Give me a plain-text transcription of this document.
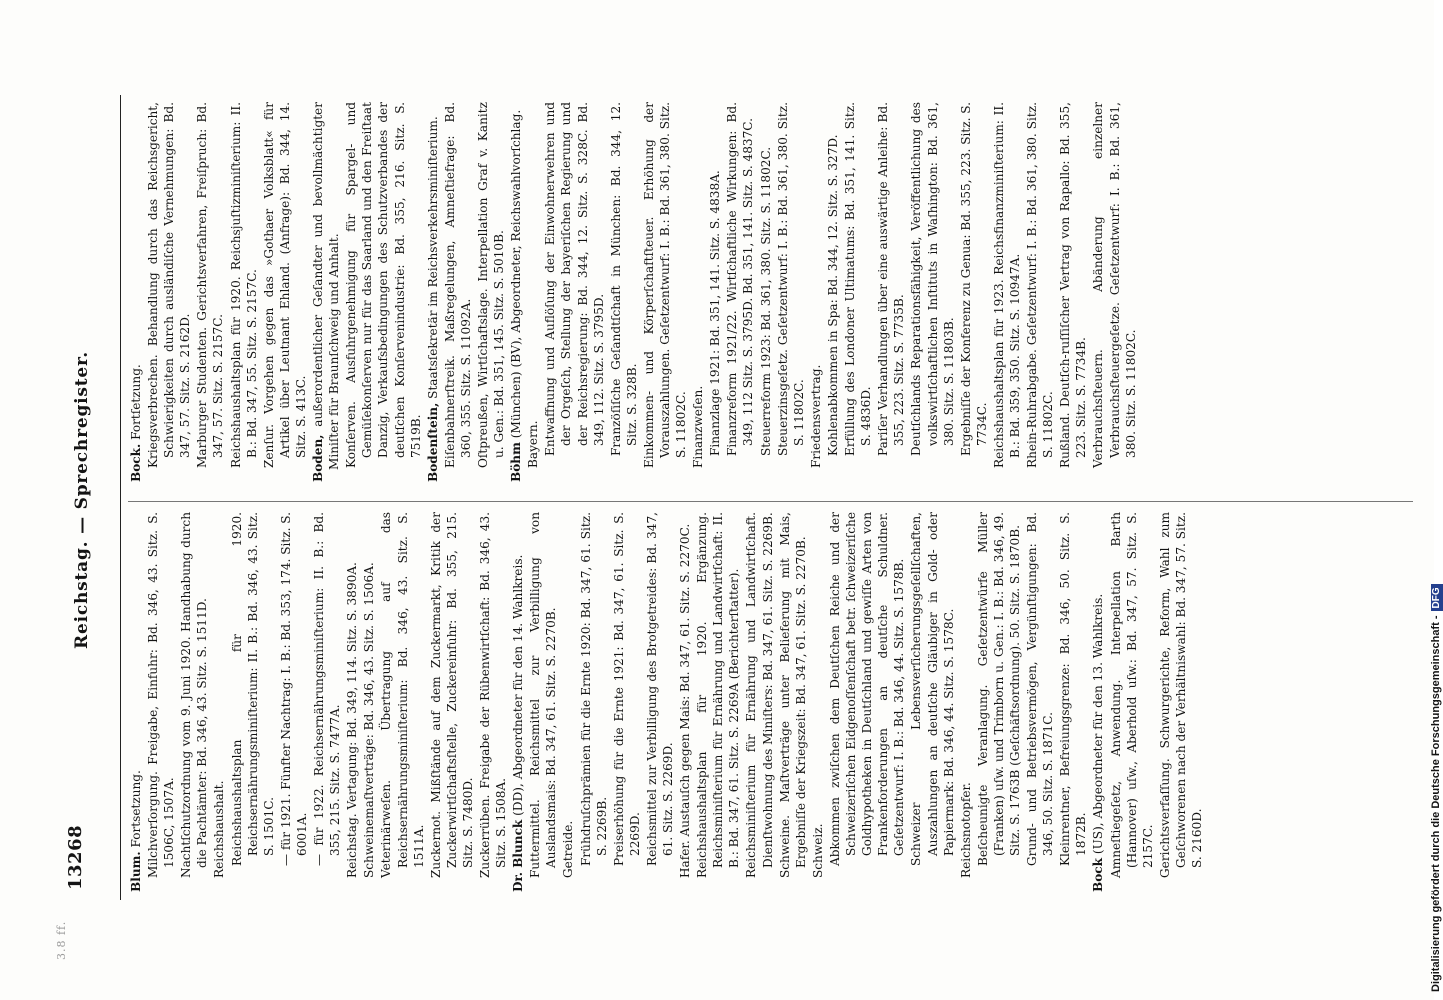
3.8 ff.
13268
Reichstag. — Sprechregister.
Blum. Fortsetzung. Milchverſorgung. Freigabe, Einfuhr: Bd. 346, 43. Sitz. S. 1506C, 1507A. Nachtſchutzordnung vom 9. Juni 1920. Handhabung durch die Pachtämter: Bd. 346, 43. Sitz. S. 1511D. Reichshaushalt. Reichshaushaltsplan für 1920. Reichsernährungsminiſterium: II. B.: Bd. 346, 43. Sitz. S. 1501C. — für 1921. Fünfter Nachtrag: I. B.: Bd. 353, 174. Sitz. S. 6001A. — für 1922. Reichsernährungsminiſterium: II. B.: Bd. 355, 215. Sitz. S. 7477A. Reichstag. Vertagung: Bd. 349, 114. Sitz. S. 3890A. Schweinemaſtverträge: Bd. 346, 43. Sitz. S. 1506A. Veterinärweſen. Übertragung auf das Reichsernährungsminiſterium: Bd. 346, 43. Sitz. S. 1511A. Zuckernot. Mißſtände auf dem Zuckermarkt, Kritik der Zuckerwirtſchaftsſtelle, Zuckereinfuhr: Bd. 355, 215. Sitz. S. 7480D. Zuckerrüben. Freigabe der Rübenwirtſchaft: Bd. 346, 43. Sitz. S. 1508A. Dr. Blunck (DD), Abgeordneter für den 14. Wahlkreis. Futtermittel. Reichsmittel zur Verbilligung von Auslandsmais: Bd. 347, 61. Sitz. S. 2270B. Getreide. Frühdruſchprämien für die Ernte 1920: Bd. 347, 61. Sitz. S. 2269B. Preiserhöhung für die Ernte 1921: Bd. 347, 61. Sitz. S. 2269D. Reichsmittel zur Verbilligung des Brotgetreides: Bd. 347, 61. Sitz. S. 2269D. Hafer. Austauſch gegen Mais: Bd. 347, 61. Sitz. S. 2270C. Reichshaushaltsplan für 1920. Ergänzung. Reichsminiſterium für Ernährung und Landwirtſchaft: II. B.: Bd. 347, 61. Sitz. S. 2269A (Berichterſtatter). Reichsminiſterium für Ernährung und Landwirtſchaft. Dienſtwohnung des Miniſters: Bd. 347, 61. Sitz. S. 2269B. Schweine. Maſtverträge unter Belieferung mit Mais, Ergebniſſe der Kriegszeit: Bd. 347, 61. Sitz. S. 2270B. Schweiz. Abkommen zwiſchen dem Deutſchen Reiche und der Schweizeriſchen Eidgenoſſenſchaft betr. ſchweizeriſche Goldhypotheken in Deutſchland und gewiſſe Arten von Frankenforderungen an deutſche Schuldner. Geſetzentwurf: I. B.: Bd. 346, 44. Sitz. S. 1578B. Schweizer Lebensverſicherungsgeſellſchaften, Auszahlungen an deutſche Gläubiger in Gold- oder Papiermark: Bd. 346, 44. Sitz. S. 1578C. Reichsnotopfer. Beſcheunigte Veranlagung. Geſetzentwürfe Müller (Franken) uſw. und Trimborn u. Gen.: I. B.: Bd. 346, 49. Sitz. S. 1763B (Geſchäftsordnung). 50. Sitz. S. 1870B. Grund- und Betriebsvermögen, Vergünſtigungen: Bd. 346, 50. Sitz. S. 1871C. Kleinrentner, Befreiungsgrenze: Bd. 346, 50. Sitz. S. 1872B.
Bock (US), Abgeordneter für den 13. Wahlkreis. Amneſtiegeſetz, Anwendung. Interpellation Barth (Hannover) uſw., Aberhold uſw.: Bd. 347, 57. Sitz. S. 2157C. Gerichtsverfaſſung. Schwurgerichte, Reform, Wahl zum Geſchworenen nach der Verhältniswahl: Bd. 347, 57. Sitz. S. 2160D.
Bock. Fortſetzung. Kriegsverbrechen. Behandlung durch das Reichsgericht, Schwierigkeiten durch ausländiſche Vernehmungen: Bd. 347, 57. Sitz. S. 2162D. Marburger Studenten. Gerichtsverfahren, Freiſpruch: Bd. 347, 57. Sitz. S. 2157C. Reichshaushaltsplan für 1920. Reichsjuſtizminiſterium: II. B.: Bd. 347, 55. Sitz. S. 2157C. Zenſur. Vorgehen gegen das »Gothaer Volksblatt« für Artikel über Leutnant Ehland. (Anfrage): Bd. 344, 14. Sitz. S. 413C.
Boden, außerordentlicher Geſandter und bevollmächtigter Miniſter für Braunſchweig und Anhalt. Konſerven. Ausfuhrgenehmigung für Spargel- und Gemüſekonſerven nur für das Saarland und den Freiſtaat Danzig, Verkaufsbedingungen des Schutzverbandes der deutſchen Konſervenindustrie: Bd. 355, 216. Sitz. S. 7519B. Bodenſtein, Staatsſekretär im Reichsverkehrsminiſterium. Eiſenbahnerſtreik. Maßregelungen, Amneſtiefrage: Bd. 360, 355. Sitz. S. 11092A. Oſtpreußen, Wirtſchaftslage. Interpellation Graf v. Kanitz u. Gen.: Bd. 351, 145. Sitz. S. 5010B.
Böhm (München) (BV), Abgeordneter, Reichswahlvorſchlag.
Bayern. Entwaffnung und Auflöſung der Einwohnerwehren und der Orgeſch, Stellung der bayeriſchen Regierung und der Reichsregierung: Bd. 344, 12. Sitz. S. 328C. Bd. 349, 112. Sitz. S. 3795D. Franzöſiſche Geſandtſchaft in München: Bd. 344, 12. Sitz. S. 328B. Einkommen- und Körperſchaftſteuer. Erhöhung der Vorauszahlungen. Geſetzentwurf: I. B.: Bd. 361, 380. Sitz. S. 11802C. Finanzweſen. Finanzlage 1921: Bd. 351, 141. Sitz. S. 4838A. Finanzreform 1921/22. Wirtſchaftliche Wirkungen: Bd. 349, 112 Sitz. S. 3795D. Bd. 351, 141. Sitz. S. 4837C. Steuerreform 1923: Bd. 361, 380. Sitz. S. 11802C. Steuerzinsgeſetz. Geſetzentwurf: I. B.: Bd. 361, 380. Sitz. S. 11802C. Friedensvertrag. Kohlenabkommen in Spa: Bd. 344, 12. Sitz. S. 327D. Erfüllung des Londoner Ultimatums: Bd. 351, 141. Sitz. S. 4836D. Pariſer Verhandlungen über eine auswärtige Anleihe: Bd. 355, 223. Sitz. S. 7735B. Deutſchlands Reparationsfähigkeit, Veröffentlichung des volkswirtſchaftlichen Inſtituts in Waſhington: Bd. 361, 380. Sitz. S. 11803B. Ergebniſſe der Konferenz zu Genua: Bd. 355, 223. Sitz. S. 7734C. Reichshaushaltsplan für 1923. Reichsfinanzminiſterium: II. B.: Bd. 359, 350. Sitz. S. 10947A. Rhein-Ruhrabgabe. Geſetzentwurf: I. B.: Bd. 361, 380. Sitz. S. 11802C. Rußland. Deutſch-ruſſiſcher Vertrag von Rapallo: Bd. 355, 223. Sitz. S. 7734B. Verbrauchsſteuern. Abänderung einzelner Verbrauchsſteuergeſetze. Geſetzentwurf: I. B.: Bd. 361, 380. Sitz. S. 11802C.
Digitalisierung gefördert durch die Deutsche Forschungsgemeinschaft -DFG
